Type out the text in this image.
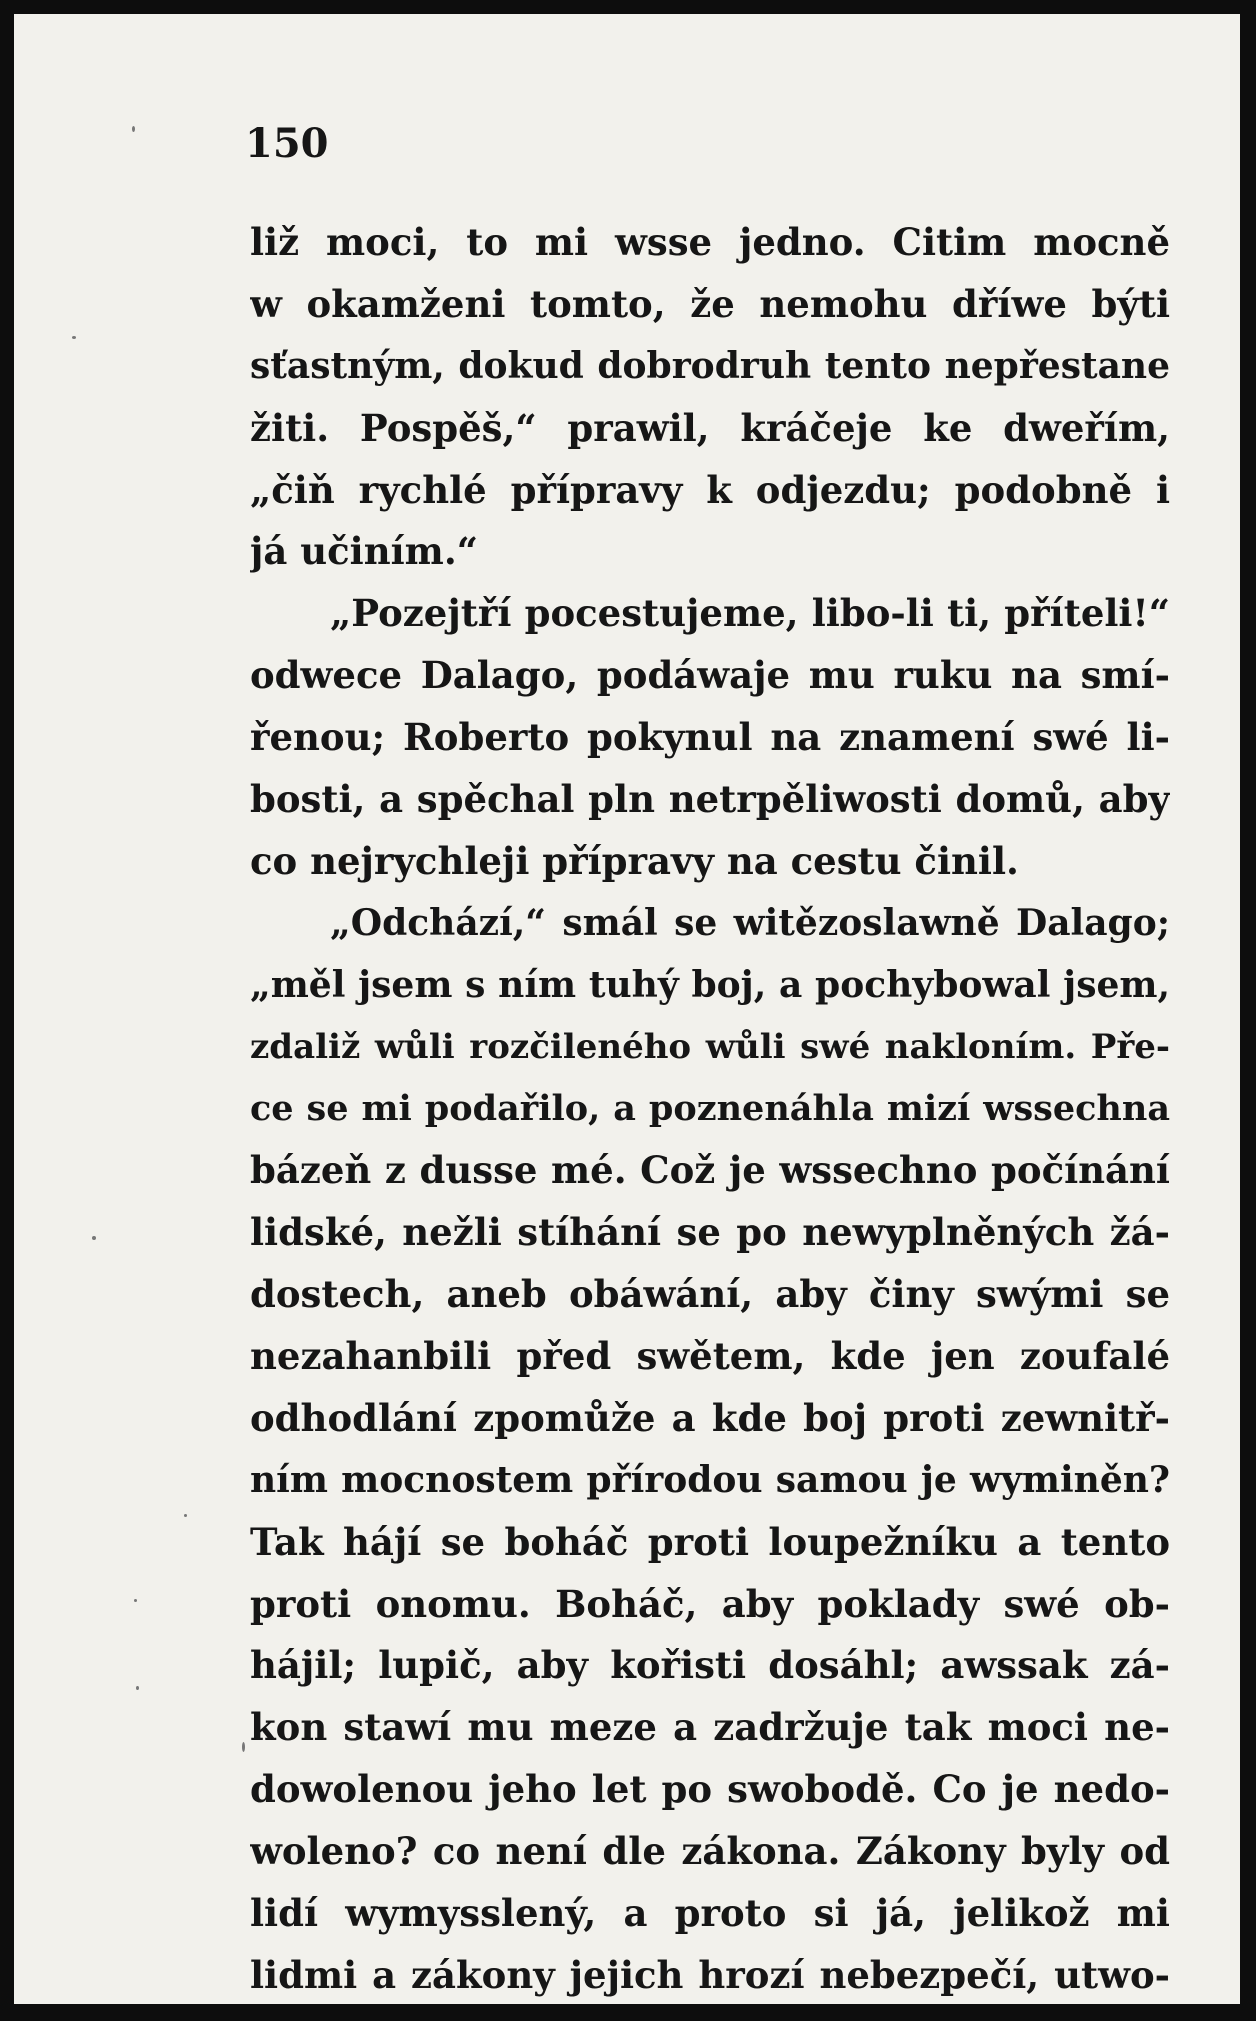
150
liž moci, to mi wsse jedno. Citim mocně
w okamženi tomto, že nemohu dříwe býti
sťastným, dokud dobrodruh tento nepřestane
žiti. Pospěš,“ prawil, kráčeje ke dweřím,
„čiň rychlé přípravy k odjezdu; podobně i
já učiním.“
„Pozejtří pocestujeme, libo-li ti, příteli!“
odwece Dalago, podáwaje mu ruku na smí-
řenou; Roberto pokynul na znamení swé li-
bosti, a spěchal pln netrpěliwosti domů, aby
co nejrychleji přípravy na cestu činil.
„Odchází,“ smál se witězoslawně Dalago;
„měl jsem s ním tuhý boj, a pochybowal jsem,
zdaliž wůli rozčileného wůli swé nakloním. Pře-
ce se mi podařilo, a poznenáhla mizí wssechna
bázeň z dusse mé. Což je wssechno počínání
lidské, nežli stíhání se po newyplněných žá-
dostech, aneb obáwání, aby činy swými se
nezahanbili před swětem, kde jen zoufalé
odhodlání zpomůže a kde boj proti zewnitř-
ním mocnostem přírodou samou je wyminěn?
Tak hájí se boháč proti loupežníku a tento
proti onomu. Boháč, aby poklady swé ob-
hájil; lupič, aby kořisti dosáhl; awssak zá-
kon stawí mu meze a zadržuje tak moci ne-
dowolenou jeho let po swobodě. Co je nedo-
woleno? co není dle zákona. Zákony byly od
lidí wymysslený, a proto si já, jelikož mi
lidmi a zákony jejich hrozí nebezpečí, utwo-
